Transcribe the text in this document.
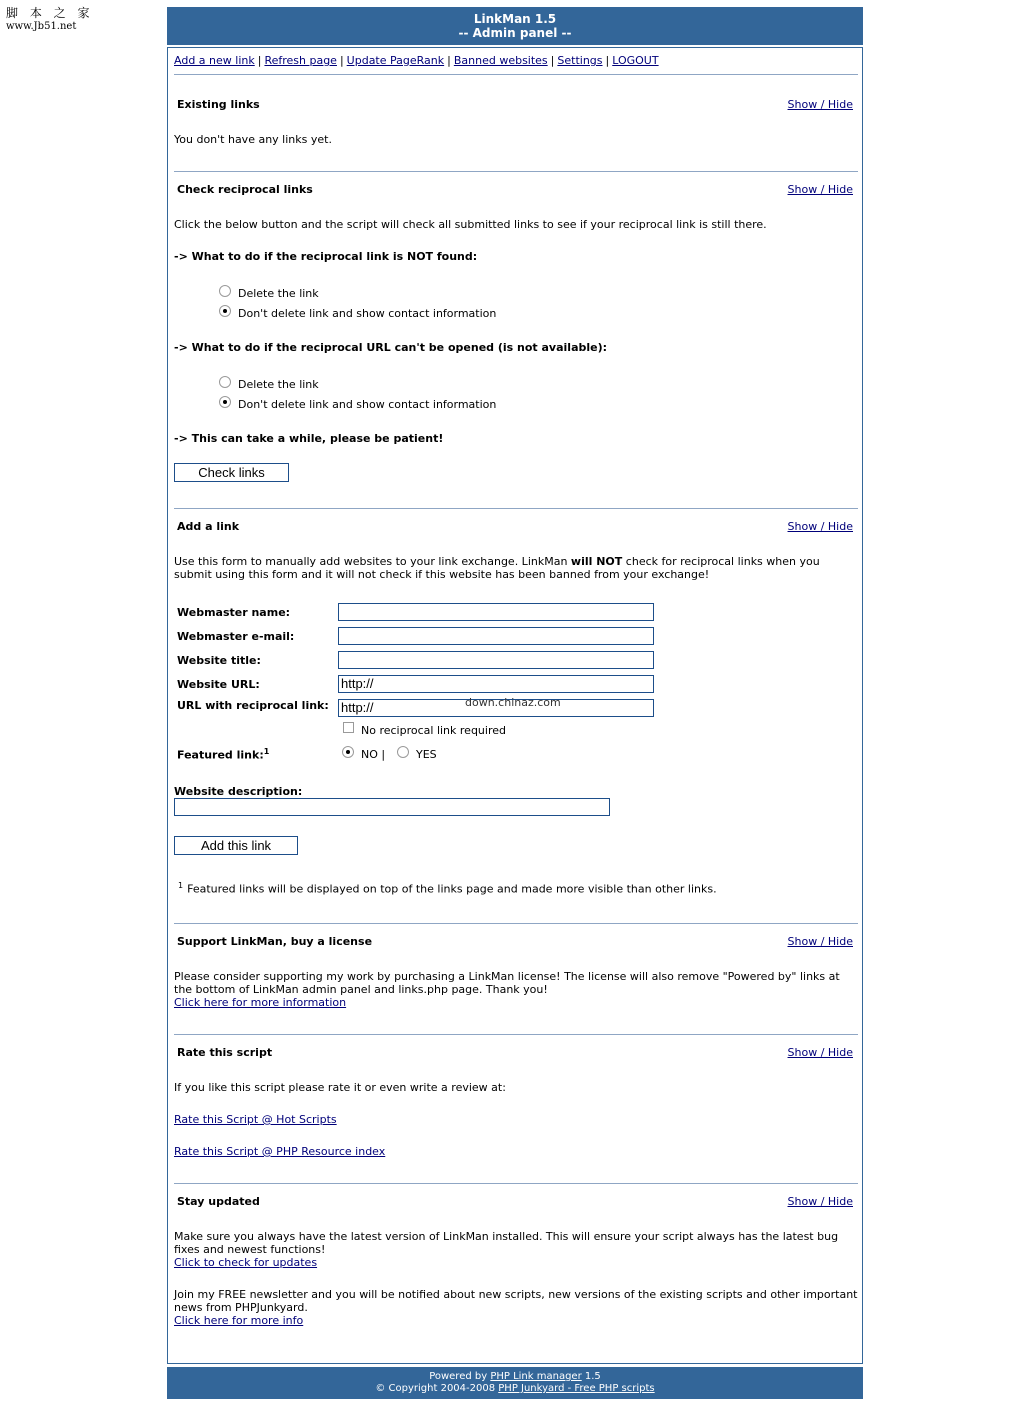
脚 本 之 家
www.Jb51.net
LinkMan 1.5
-- Admin panel --
Add a new link | Refresh page | Update PageRank | Banned websites | Settings | LOGOUT
Existing links	Show / Hide
You don't have any links yet.
Check reciprocal links	Show / Hide
Click the below button and the script will check all submitted links to see if your reciprocal link is still there.
-> What to do if the reciprocal link is NOT found:
Delete the link
Don't delete link and show contact information
-> What to do if the reciprocal URL can't be opened (is not available):
Delete the link
Don't delete link and show contact information
-> This can take a while, please be patient!
Check links
Add a link	Show / Hide
Use this form to manually add websites to your link exchange. LinkMan will NOT check for reciprocal links when you submit using this form and it will not check if this website has been banned from your exchange!
Webmaster name:
Webmaster e-mail:
Website title:
Website URL:	http://
URL with reciprocal link: http://	down.chinaz.com
No reciprocal link required
Featured link:$^1$	NO |	YES
Website description:
Add this link
$^1$ Featured links will be displayed on top of the links page and made more visible than other links.
Support LinkMan, buy a license	Show / Hide
Please consider supporting my work by purchasing a LinkMan license! The license will also remove "Powered by" links at the bottom of LinkMan admin panel and links.php page. Thank you!
Click here for more information
Rate this script	Show / Hide
If you like this script please rate it or even write a review at:
Rate this Script @ Hot Scripts
Rate this Script @ PHP Resource index
Stay updated	Show / Hide
Make sure you always have the latest version of LinkMan installed. This will ensure your script always has the latest bug fixes and newest functions!
Click to check for updates
Join my FREE newsletter and you will be notified about new scripts, new versions of the existing scripts and other important news from PHPJunkyard.
Click here for more info
Powered by PHP Link manager 1.5
© Copyright 2004-2008 PHP Junkyard - Free PHP scripts
